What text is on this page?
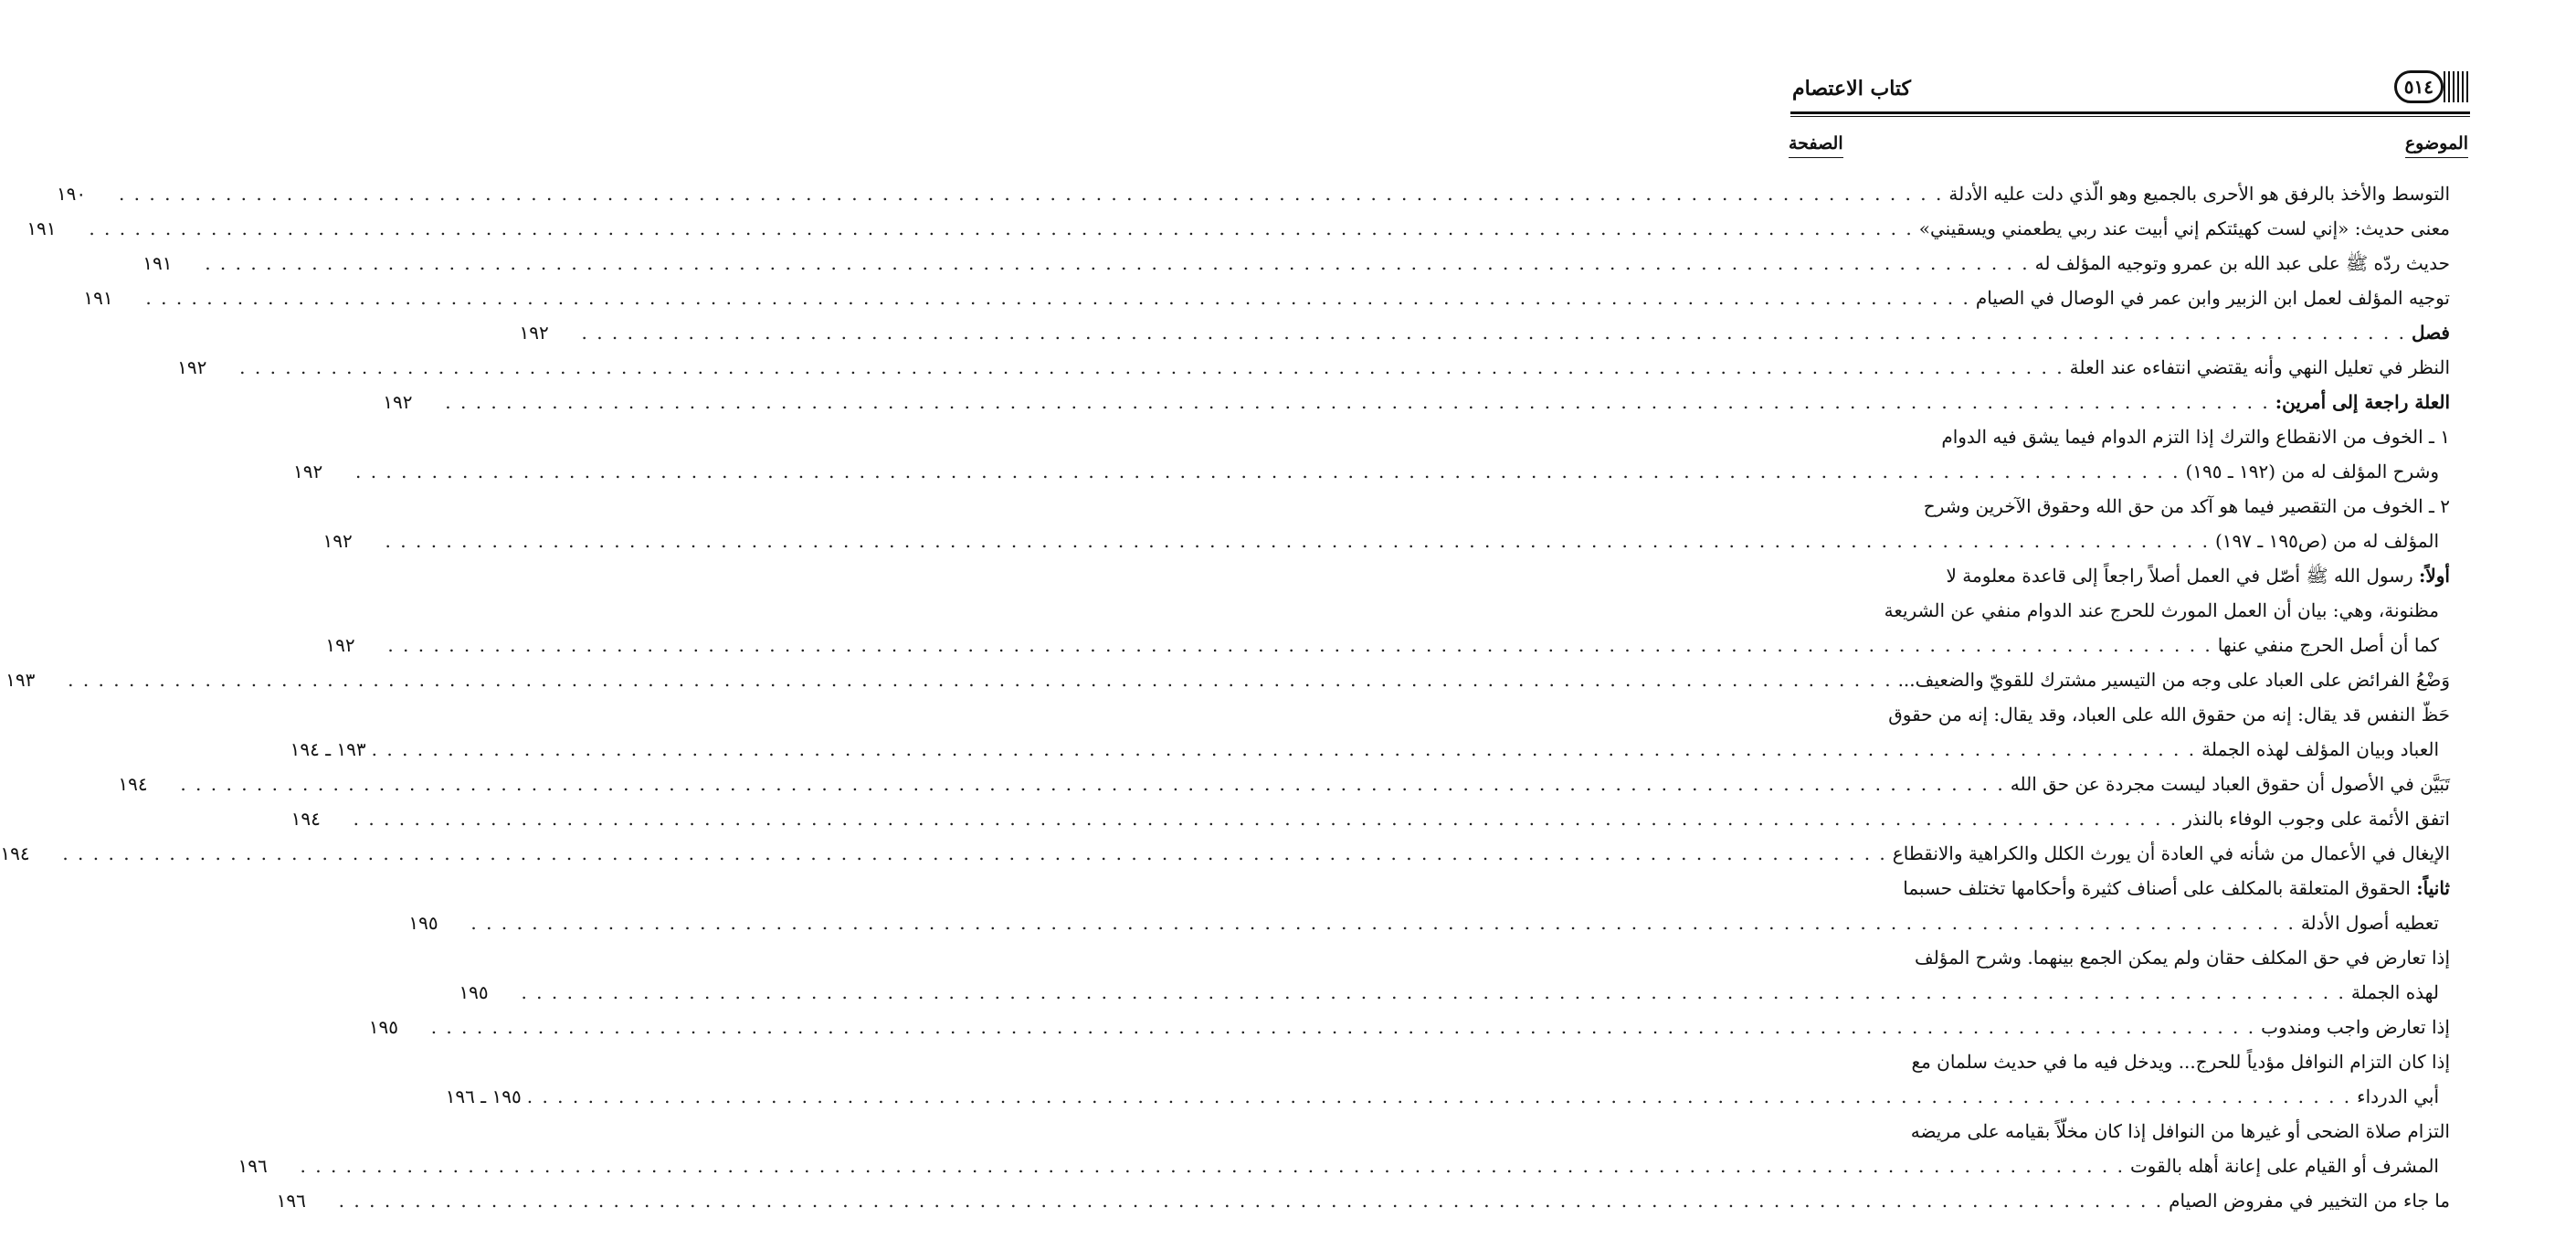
كتاب الاعتصام	٥١٤
الموضوع
الصفحة
التوسط والأخذ بالرفق هو الأحرى بالجميع وهو الّذي دلت عليه الأدلة
. . . . . . . . . . . . . . . . . . . . . . . . . . . . . . . . . . . . . . . . . . . . . . . . . . . . . . . . . . . . . . . . . . . . . . . . . . . . . . . . . . . . . . . . . . . . . . . . . . . . . . . . . . . . . . . . . . . . . . . .
١٩٠
معنى حديث: «إني لست كهيئتكم إني أبيت عند ربي يطعمني ويسقيني»
. . . . . . . . . . . . . . . . . . . . . . . . . . . . . . . . . . . . . . . . . . . . . . . . . . . . . . . . . . . . . . . . . . . . . . . . . . . . . . . . . . . . . . . . . . . . . . . . . . . . . . . . . . . . . . . . . . . . . . . .
١٩١
حديث ردّه ﷺ على عبد الله بن عمرو وتوجيه المؤلف له
. . . . . . . . . . . . . . . . . . . . . . . . . . . . . . . . . . . . . . . . . . . . . . . . . . . . . . . . . . . . . . . . . . . . . . . . . . . . . . . . . . . . . . . . . . . . . . . . . . . . . . . . . . . . . . . . . . . . . . . .
١٩١
توجيه المؤلف لعمل ابن الزبير وابن عمر في الوصال في الصيام
. . . . . . . . . . . . . . . . . . . . . . . . . . . . . . . . . . . . . . . . . . . . . . . . . . . . . . . . . . . . . . . . . . . . . . . . . . . . . . . . . . . . . . . . . . . . . . . . . . . . . . . . . . . . . . . . . . . . . . . .
١٩١
فصل
. . . . . . . . . . . . . . . . . . . . . . . . . . . . . . . . . . . . . . . . . . . . . . . . . . . . . . . . . . . . . . . . . . . . . . . . . . . . . . . . . . . . . . . . . . . . . . . . . . . . . . . . . . . . . . . . . . . . . . . .
١٩٢
النظر في تعليل النهي وأنه يقتضي انتفاءه عند العلة
. . . . . . . . . . . . . . . . . . . . . . . . . . . . . . . . . . . . . . . . . . . . . . . . . . . . . . . . . . . . . . . . . . . . . . . . . . . . . . . . . . . . . . . . . . . . . . . . . . . . . . . . . . . . . . . . . . . . . . . .
١٩٢
العلة راجعة إلى أمرين:
. . . . . . . . . . . . . . . . . . . . . . . . . . . . . . . . . . . . . . . . . . . . . . . . . . . . . . . . . . . . . . . . . . . . . . . . . . . . . . . . . . . . . . . . . . . . . . . . . . . . . . . . . . . . . . . . . . . . . . . .
١٩٢
١ ـ الخوف من الانقطاع والترك إذا التزم الدوام فيما يشق فيه الدوام
وشرح المؤلف له من (١٩٢ ـ ١٩٥)
. . . . . . . . . . . . . . . . . . . . . . . . . . . . . . . . . . . . . . . . . . . . . . . . . . . . . . . . . . . . . . . . . . . . . . . . . . . . . . . . . . . . . . . . . . . . . . . . . . . . . . . . . . . . . . . . . . . . . . . .
١٩٢
٢ ـ الخوف من التقصير فيما هو آكد من حق الله وحقوق الآخرين وشرح
المؤلف له من (ص١٩٥ ـ ١٩٧)
. . . . . . . . . . . . . . . . . . . . . . . . . . . . . . . . . . . . . . . . . . . . . . . . . . . . . . . . . . . . . . . . . . . . . . . . . . . . . . . . . . . . . . . . . . . . . . . . . . . . . . . . . . . . . . . . . . . . . . . .
١٩٢
أولاً: رسول الله ﷺ أصّل في العمل أصلاً راجعاً إلى قاعدة معلومة لا
مظنونة، وهي: بيان أن العمل المورث للحرج عند الدوام منفي عن الشريعة
كما أن أصل الحرج منفي عنها
. . . . . . . . . . . . . . . . . . . . . . . . . . . . . . . . . . . . . . . . . . . . . . . . . . . . . . . . . . . . . . . . . . . . . . . . . . . . . . . . . . . . . . . . . . . . . . . . . . . . . . . . . . . . . . . . . . . . . . . .
١٩٢
وَضْعُ الفرائض على العباد على وجه من التيسير مشترك للقويّ والضعيف...
. . . . . . . . . . . . . . . . . . . . . . . . . . . . . . . . . . . . . . . . . . . . . . . . . . . . . . . . . . . . . . . . . . . . . . . . . . . . . . . . . . . . . . . . . . . . . . . . . . . . . . . . . . . . . . . . . . . . . . . .
١٩٣
حَظّ النفس قد يقال: إنه من حقوق الله على العباد، وقد يقال: إنه من حقوق
العباد وبيان المؤلف لهذه الجملة
. . . . . . . . . . . . . . . . . . . . . . . . . . . . . . . . . . . . . . . . . . . . . . . . . . . . . . . . . . . . . . . . . . . . . . . . . . . . . . . . . . . . . . . . . . . . . . . . . . . . . . . . . . . . . . . . . . . . . . . .
١٩٣ ـ ١٩٤
تَبَيَّن في الأصول أن حقوق العباد ليست مجردة عن حق الله
. . . . . . . . . . . . . . . . . . . . . . . . . . . . . . . . . . . . . . . . . . . . . . . . . . . . . . . . . . . . . . . . . . . . . . . . . . . . . . . . . . . . . . . . . . . . . . . . . . . . . . . . . . . . . . . . . . . . . . . .
١٩٤
اتفق الأئمة على وجوب الوفاء بالنذر
. . . . . . . . . . . . . . . . . . . . . . . . . . . . . . . . . . . . . . . . . . . . . . . . . . . . . . . . . . . . . . . . . . . . . . . . . . . . . . . . . . . . . . . . . . . . . . . . . . . . . . . . . . . . . . . . . . . . . . . .
١٩٤
الإيغال في الأعمال من شأنه في العادة أن يورث الكلل والكراهية والانقطاع
. . . . . . . . . . . . . . . . . . . . . . . . . . . . . . . . . . . . . . . . . . . . . . . . . . . . . . . . . . . . . . . . . . . . . . . . . . . . . . . . . . . . . . . . . . . . . . . . . . . . . . . . . . . . . . . . . . . . . . . .
١٩٤
ثانياً: الحقوق المتعلقة بالمكلف على أصناف كثيرة وأحكامها تختلف حسبما
تعطيه أصول الأدلة
. . . . . . . . . . . . . . . . . . . . . . . . . . . . . . . . . . . . . . . . . . . . . . . . . . . . . . . . . . . . . . . . . . . . . . . . . . . . . . . . . . . . . . . . . . . . . . . . . . . . . . . . . . . . . . . . . . . . . . . .
١٩٥
إذا تعارض في حق المكلف حقان ولم يمكن الجمع بينهما. وشرح المؤلف
لهذه الجملة
. . . . . . . . . . . . . . . . . . . . . . . . . . . . . . . . . . . . . . . . . . . . . . . . . . . . . . . . . . . . . . . . . . . . . . . . . . . . . . . . . . . . . . . . . . . . . . . . . . . . . . . . . . . . . . . . . . . . . . . .
١٩٥
إذا تعارض واجب ومندوب
. . . . . . . . . . . . . . . . . . . . . . . . . . . . . . . . . . . . . . . . . . . . . . . . . . . . . . . . . . . . . . . . . . . . . . . . . . . . . . . . . . . . . . . . . . . . . . . . . . . . . . . . . . . . . . . . . . . . . . . .
١٩٥
إذا كان التزام النوافل مؤدياً للحرج... ويدخل فيه ما في حديث سلمان مع
أبي الدرداء
. . . . . . . . . . . . . . . . . . . . . . . . . . . . . . . . . . . . . . . . . . . . . . . . . . . . . . . . . . . . . . . . . . . . . . . . . . . . . . . . . . . . . . . . . . . . . . . . . . . . . . . . . . . . . . . . . . . . . . . .
١٩٥ ـ ١٩٦
التزام صلاة الضحى أو غيرها من النوافل إذا كان مخلّاً بقيامه على مريضه
المشرف أو القيام على إعانة أهله بالقوت
. . . . . . . . . . . . . . . . . . . . . . . . . . . . . . . . . . . . . . . . . . . . . . . . . . . . . . . . . . . . . . . . . . . . . . . . . . . . . . . . . . . . . . . . . . . . . . . . . . . . . . . . . . . . . . . . . . . . . . . .
١٩٦
ما جاء من التخيير في مفروض الصيام
. . . . . . . . . . . . . . . . . . . . . . . . . . . . . . . . . . . . . . . . . . . . . . . . . . . . . . . . . . . . . . . . . . . . . . . . . . . . . . . . . . . . . . . . . . . . . . . . . . . . . . . . . . . . . . . . . . . . . . . .
١٩٦
